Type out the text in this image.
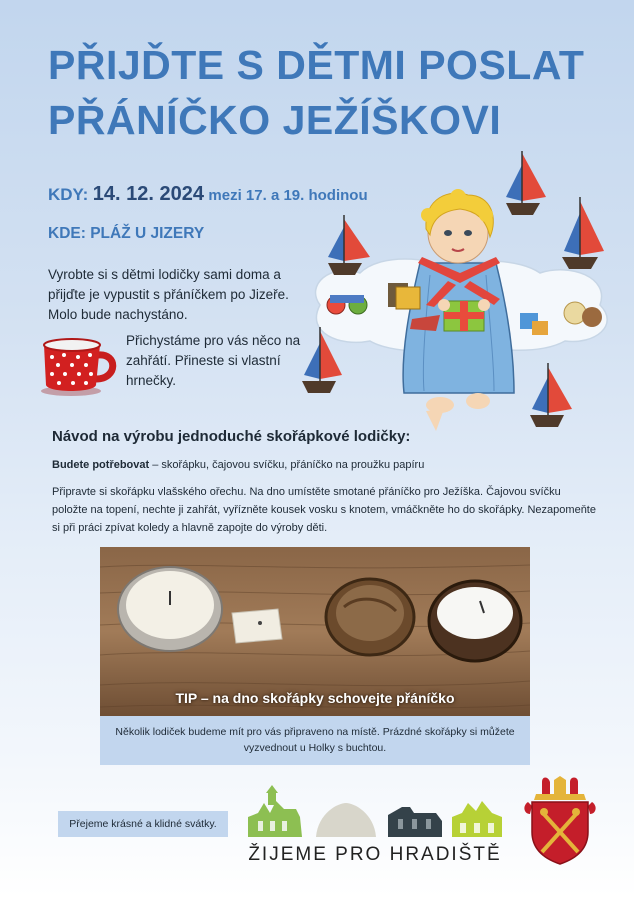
PŘIJĎTE S DĚTMI POSLAT
PŘÁNÍČKO JEŽÍŠKOVI
KDY: 14. 12. 2024 mezi 17. a 19. hodinou
KDE: PLÁŽ U JIZERY

Vyrobte si s dětmi lodičky sami doma a přijďte je vypustit s přáníčkem po Jizeře. Molo bude nachystáno.

Přichystáme pro vás něco na zahřátí. Přineste si vlastní hrnečky.

Návod na výrobu jednoduché skořápkové lodičky:
Budete potřebovat – skořápku, čajovou svíčku, přáníčko na proužku papíru

Připravte si skořápku vlašského ořechu. Na dno umístěte smotané přáníčko pro Ježíška. Čajovou svíčku položte na topení, nechte ji zahřát, vyřízněte kousek vosku s knotem, vmáčkněte ho do skořápky. Nezapomeňte si při práci zpívat koledy a hlavně zapojte do výroby děti.

TIP – na dno skořápky schovejte přáníčko
Několik lodiček budeme mít pro vás připraveno na místě. Prázdné skořápky si můžete vyzvednout u Holky s buchtou.
Přejeme krásné a klidné svátky.
ŽIJEME PRO HRADIŠTĚ
